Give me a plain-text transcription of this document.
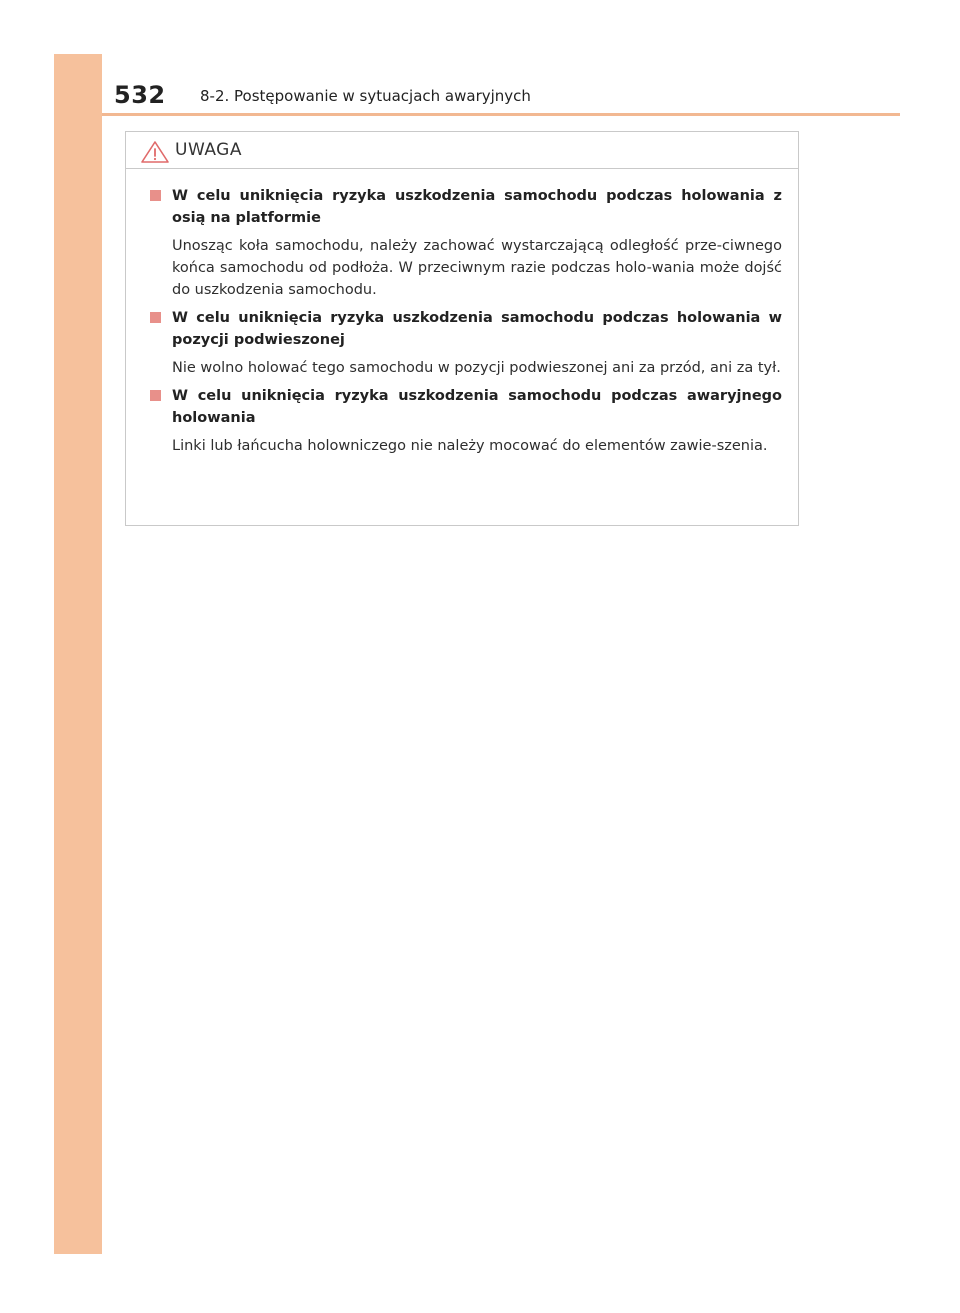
532 8-2. Postępowanie w sytuacjach awaryjnych
UWAGA
W celu uniknięcia ryzyka uszkodzenia samochodu podczas holowania z osią na platformie
Unosząc koła samochodu, należy zachować wystarczającą odległość prze-ciwnego końca samochodu od podłoża. W przeciwnym razie podczas holo-wania może dojść do uszkodzenia samochodu.
W celu uniknięcia ryzyka uszkodzenia samochodu podczas holowania w pozycji podwieszonej
Nie wolno holować tego samochodu w pozycji podwieszonej ani za przód, ani za tył.
W celu uniknięcia ryzyka uszkodzenia samochodu podczas awaryjnego holowania
Linki lub łańcucha holowniczego nie należy mocować do elementów zawie-szenia.
